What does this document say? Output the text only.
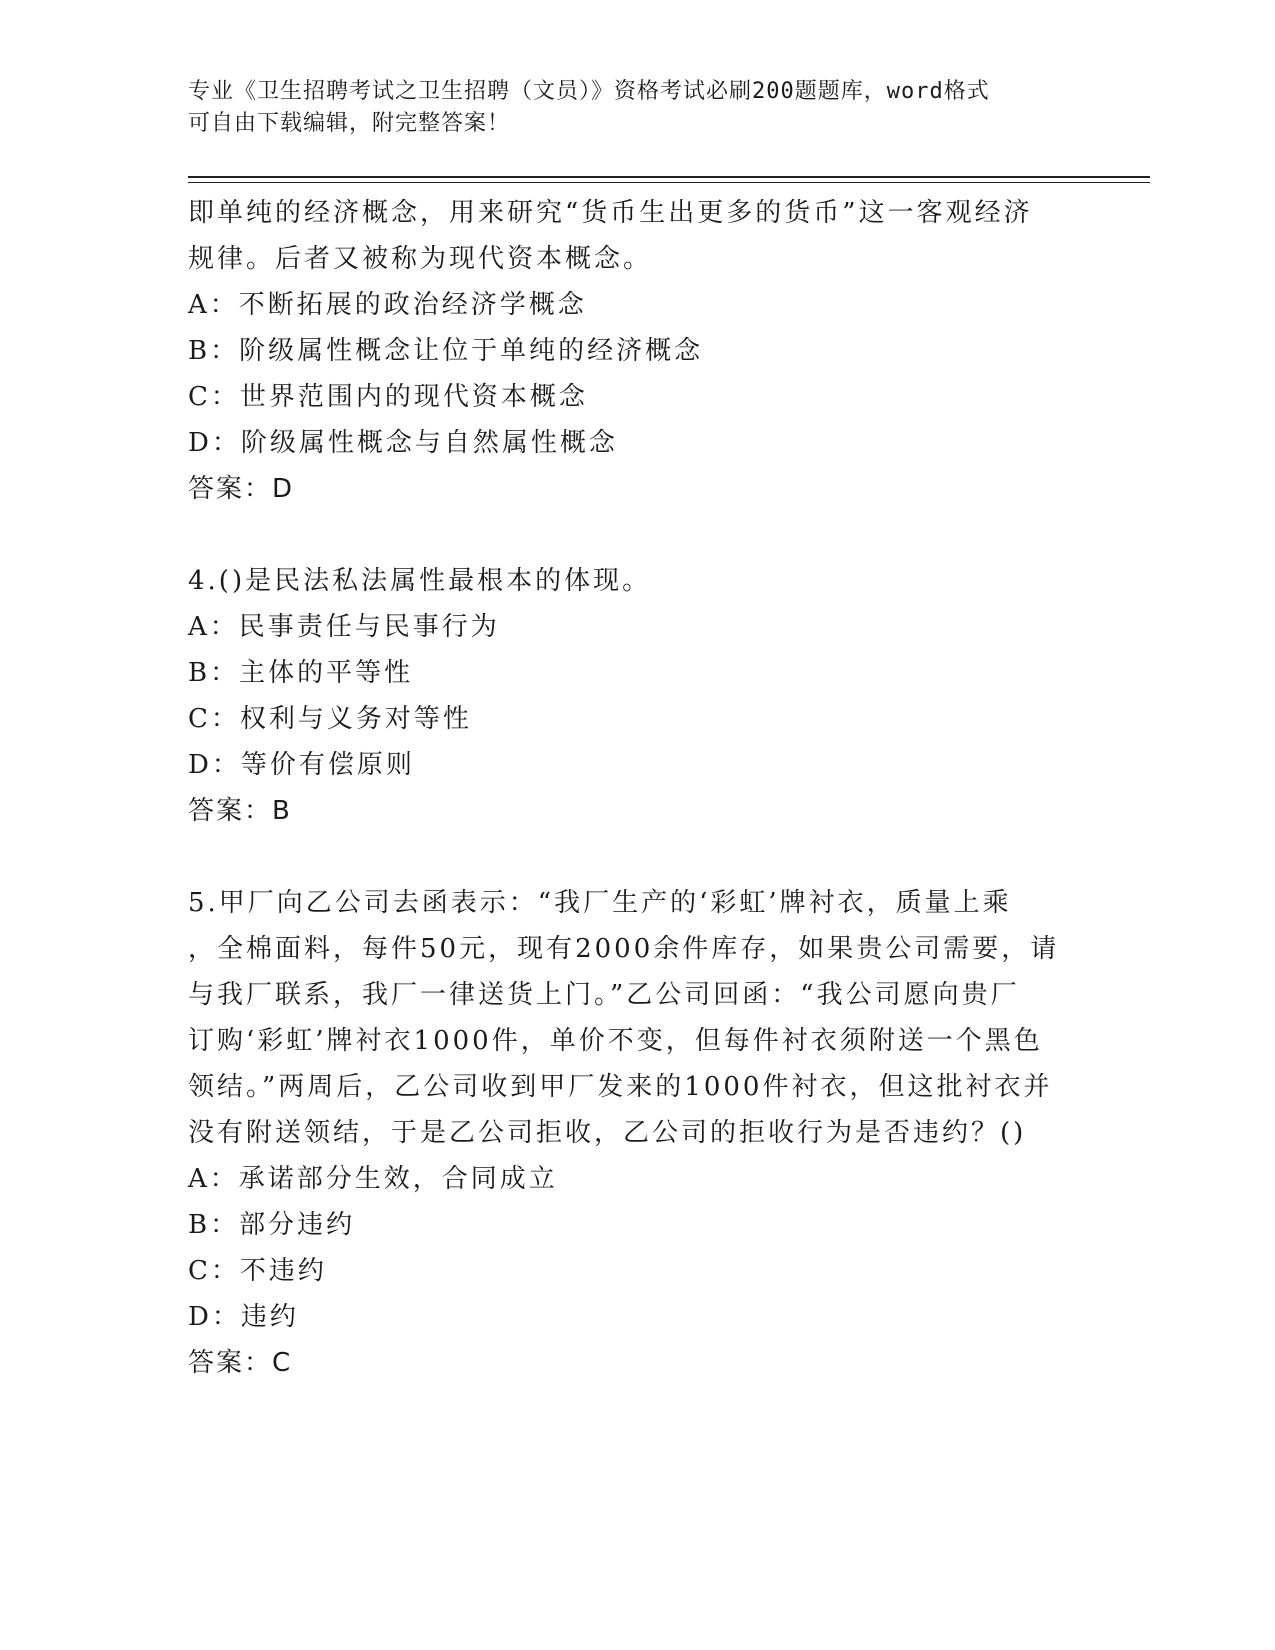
专业《卫生招聘考试之卫生招聘（文员）》资格考试必刷200题题库，word格式
可自由下载编辑，附完整答案！
即单纯的经济概念，用来研究“货币生出更多的货币”这一客观经济
规律。后者又被称为现代资本概念。
A：不断拓展的政治经济学概念
B：阶级属性概念让位于单纯的经济概念
C：世界范围内的现代资本概念
D：阶级属性概念与自然属性概念
答案：D
4.()是民法私法属性最根本的体现。
A：民事责任与民事行为
B：主体的平等性
C：权利与义务对等性
D：等价有偿原则
答案：B
5.甲厂向乙公司去函表示：“我厂生产的‘彩虹’牌衬衣，质量上乘
，全棉面料，每件50元，现有2000余件库存，如果贵公司需要，请
与我厂联系，我厂一律送货上门。”乙公司回函：“我公司愿向贵厂
订购‘彩虹’牌衬衣1000件，单价不变，但每件衬衣须附送一个黑色
领结。”两周后，乙公司收到甲厂发来的1000件衬衣，但这批衬衣并
没有附送领结，于是乙公司拒收，乙公司的拒收行为是否违约？()
A：承诺部分生效，合同成立
B：部分违约
C：不违约
D：违约
答案：C
